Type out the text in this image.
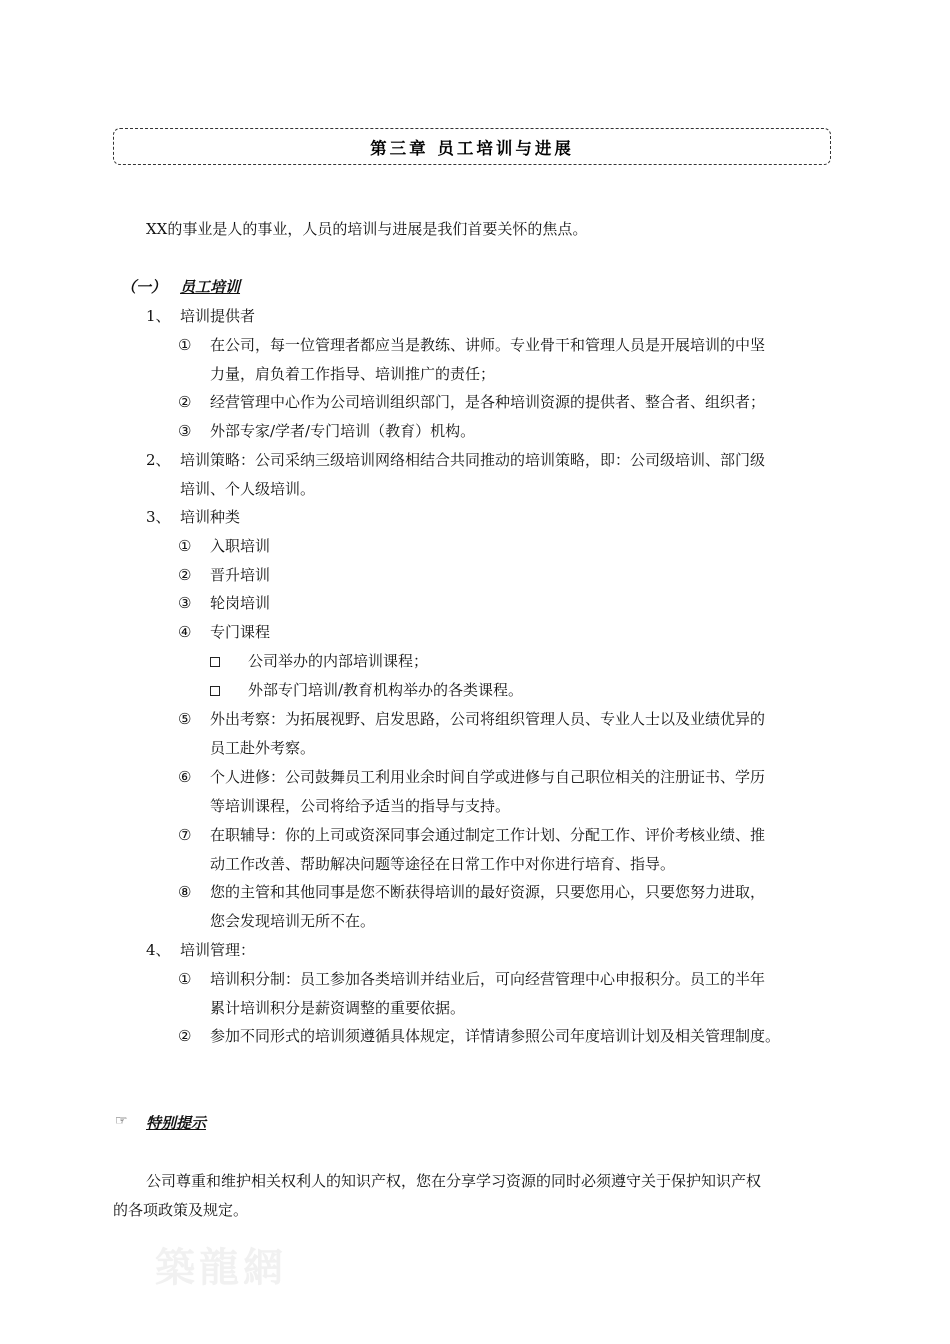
第三章 员工培训与进展
XX的事业是人的事业，人员的培训与进展是我们首要关怀的焦点。
（一） 员工培训
1、 培训提供者
① 在公司，每一位管理者都应当是教练、讲师。专业骨干和管理人员是开展培训的中坚
力量，肩负着工作指导、培训推广的责任；
② 经营管理中心作为公司培训组织部门，是各种培训资源的提供者、整合者、组织者；
③ 外部专家/学者/专门培训（教育）机构。
2、 培训策略：公司采纳三级培训网络相结合共同推动的培训策略，即：公司级培训、部门级
培训、个人级培训。
3、 培训种类
① 入职培训
② 晋升培训
③ 轮岗培训
④ 专门课程
公司举办的内部培训课程；
外部专门培训/教育机构举办的各类课程。
⑤ 外出考察：为拓展视野、启发思路，公司将组织管理人员、专业人士以及业绩优异的
员工赴外考察。
⑥ 个人进修：公司鼓舞员工利用业余时间自学或进修与自己职位相关的注册证书、学历
等培训课程，公司将给予适当的指导与支持。
⑦ 在职辅导：你的上司或资深同事会通过制定工作计划、分配工作、评价考核业绩、推
动工作改善、帮助解决问题等途径在日常工作中对你进行培育、指导。
⑧ 您的主管和其他同事是您不断获得培训的最好资源，只要您用心，只要您努力进取，
您会发现培训无所不在。
4、 培训管理：
① 培训积分制：员工参加各类培训并结业后，可向经营管理中心申报积分。员工的半年
累计培训积分是薪资调整的重要依据。
② 参加不同形式的培训须遵循具体规定，详情请参照公司年度培训计划及相关管理制度。
☞ 特别提示
公司尊重和维护相关权利人的知识产权，您在分享学习资源的同时必须遵守关于保护知识产权
的各项政策及规定。
築龍網
